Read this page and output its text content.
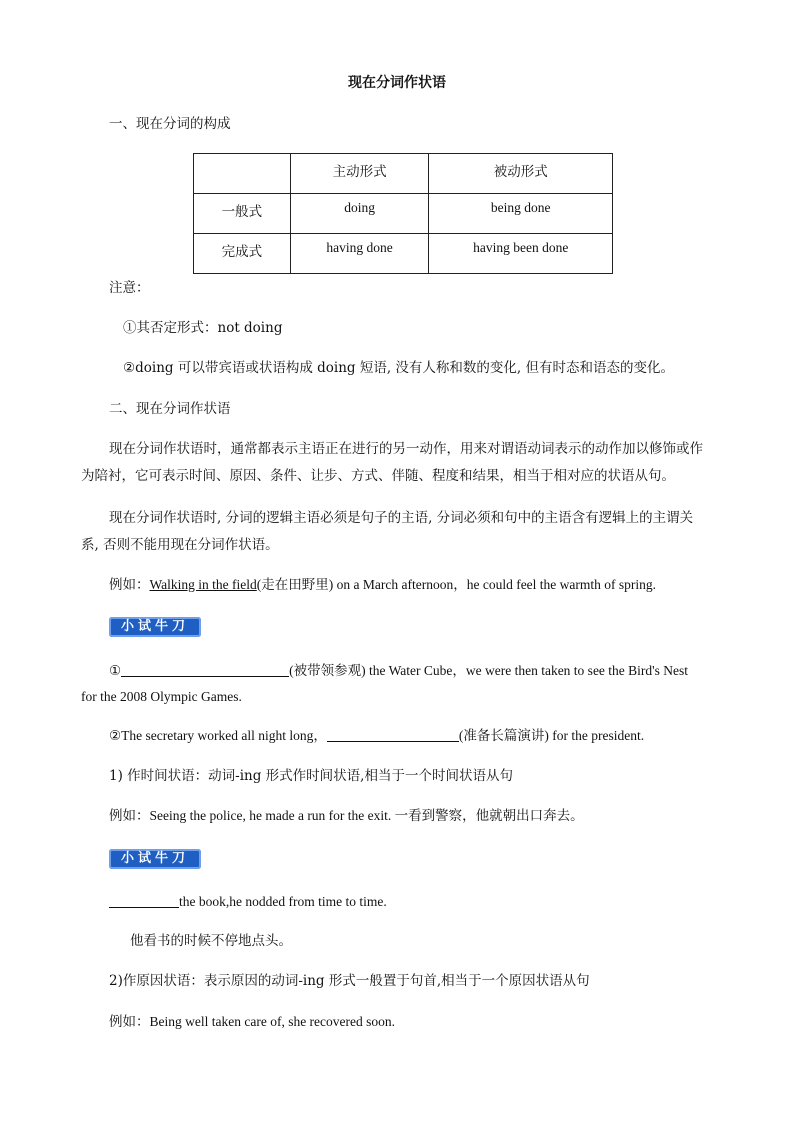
现在分词作状语
一、现在分词的构成

	主动形式	被动形式

一般式	doing	being done

完成式	having done	having been done
注意：
①其否定形式：not doing
②doing 可以带宾语或状语构成 doing 短语, 没有人称和数的变化, 但有时态和语态的变化。
二、现在分词作状语
现在分词作状语时，通常都表示主语正在进行的另一动作，用来对谓语动词表示的动作加以修饰或作
为陪衬，它可表示时间、原因、条件、让步、方式、伴随、程度和结果，相当于相对应的状语从句。
现在分词作状语时, 分词的逻辑主语必须是句子的主语, 分词必须和句中的主语含有逻辑上的主谓关
系, 否则不能用现在分词作状语。
例如：Walking in the field(走在田野里) on a March afternoon，he could feel the warmth of spring.
小试牛刀
①	(被带领参观) the Water Cube，we were then taken to see the Bird's Nest
for the 2008 Olympic Games.
②The secretary worked all night long，	(准备长篇演讲) for the president.
1) 作时间状语：动词-ing 形式作时间状语,相当于一个时间状语从句
例如：Seeing the police, he made a run for the exit. 一看到警察，他就朝出口奔去。
小试牛刀
the book,he nodded from time to time.
他看书的时候不停地点头。
2)作原因状语：表示原因的动词-ing 形式一般置于句首,相当于一个原因状语从句
例如：Being well taken care of, she recovered soon.
